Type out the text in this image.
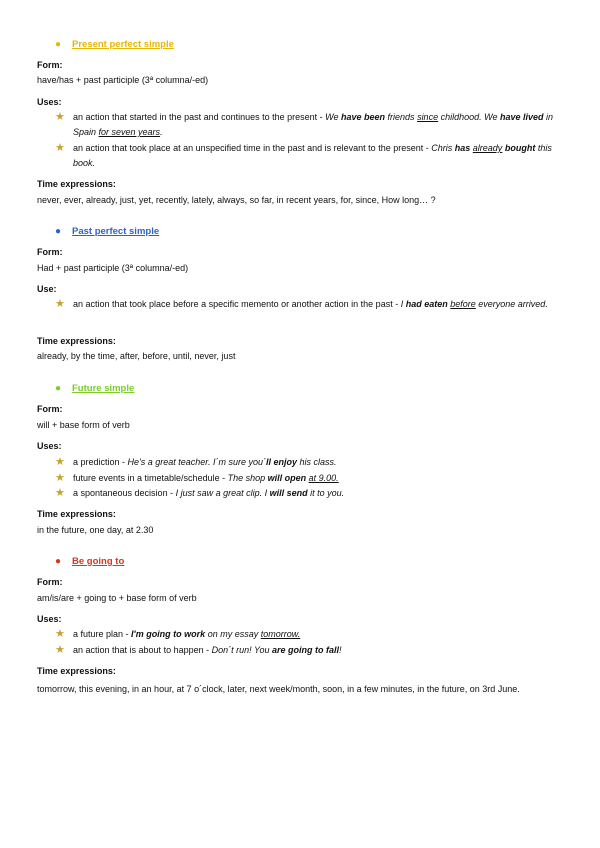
● Present perfect simple
Form:
have/has + past participle (3ª columna/-ed)
Uses:
★ an action that started in the past and continues to the present - We have been friends since childhood. We have lived in Spain for seven years.
★ an action that took place at an unspecified time in the past and is relevant to the present - Chris has already bought this book.
Time expressions:
never, ever, already, just, yet, recently, lately, always, so far, in recent years, for, since, How long… ?
● Past perfect simple
Form:
Had + past participle (3ª columna/-ed)
Use:
★ an action that took place before a specific memento or another action in the past - I had eaten before everyone arrived.
Time expressions:
already, by the time, after, before, until, never, just
● Future simple
Form:
will + base form of verb
Uses:
★ a prediction - He's a great teacher. I´m sure you´ll enjoy his class.
★ future events in a timetable/schedule - The shop will open at 9.00.
★ a spontaneous decision - I just saw a great clip. I will send it to you.
Time expressions:
in the future, one day, at 2.30
● Be going to
Form:
am/is/are + going to + base form of verb
Uses:
★ a future plan - I'm going to work on my essay tomorrow.
★ an action that is about to happen - Don´t run! You are going to fall!
Time expressions:
tomorrow, this evening, in an hour, at 7 o´clock, later, next week/month, soon, in a few minutes, in the future, on 3rd June.
